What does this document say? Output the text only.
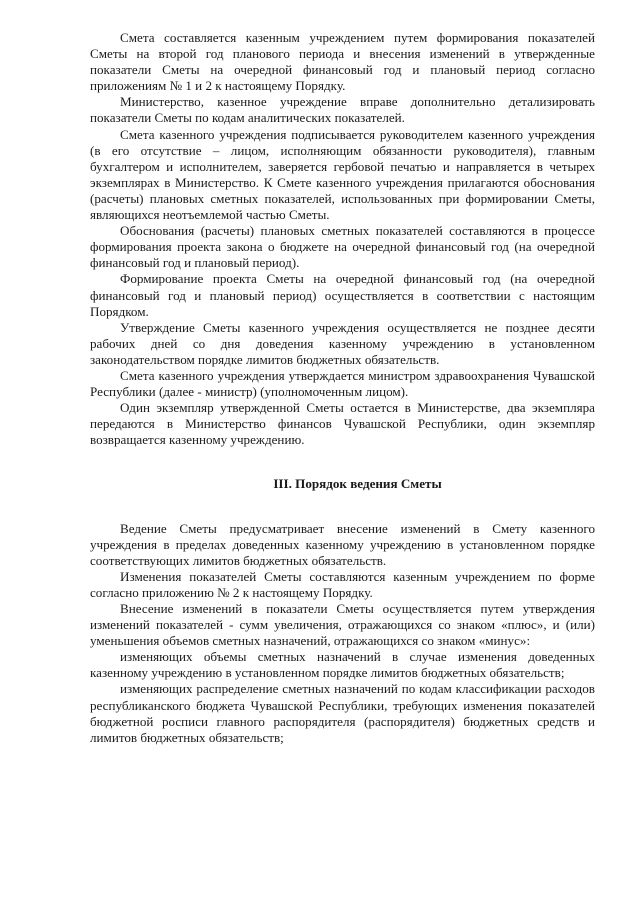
Смета составляется казенным учреждением путем формирования показателей Сметы на второй год планового периода и внесения изменений в утвержденные показатели Сметы на очередной финансовый год и плановый период согласно приложениям № 1 и 2 к настоящему Порядку.

Министерство, казенное учреждение вправе дополнительно детализировать показатели Сметы по кодам аналитических показателей.

Смета казенного учреждения подписывается руководителем казенного учреждения (в его отсутствие – лицом, исполняющим обязанности руководителя), главным бухгалтером и исполнителем, заверяется гербовой печатью и направляется в четырех экземплярах в Министерство. К Смете казенного учреждения прилагаются обоснования (расчеты) плановых сметных показателей, использованных при формировании Сметы, являющихся неотъемлемой частью Сметы.

Обоснования (расчеты) плановых сметных показателей составляются в процессе формирования проекта закона о бюджете на очередной финансовый год (на очередной финансовый год и плановый период).

Формирование проекта Сметы на очередной финансовый год (на очередной финансовый год и плановый период) осуществляется в соответствии с настоящим Порядком.

Утверждение Сметы казенного учреждения осуществляется не позднее десяти рабочих дней со дня доведения казенному учреждению в установленном законодательством порядке лимитов бюджетных обязательств.

Смета казенного учреждения утверждается министром здравоохранения Чувашской Республики (далее - министр) (уполномоченным лицом).

Один экземпляр утвержденной Сметы остается в Министерстве, два экземпляра передаются в Министерство финансов Чувашской Республики, один экземпляр возвращается казенному учреждению.

III. Порядок ведения Сметы

Ведение Сметы предусматривает внесение изменений в Смету казенного учреждения в пределах доведенных казенному учреждению в установленном порядке соответствующих лимитов бюджетных обязательств.

Изменения показателей Сметы составляются казенным учреждением по форме согласно приложению № 2 к настоящему Порядку.

Внесение изменений в показатели Сметы осуществляется путем утверждения изменений показателей - сумм увеличения, отражающихся со знаком «плюс», и (или) уменьшения объемов сметных назначений, отражающихся со знаком «минус»:

изменяющих объемы сметных назначений в случае изменения доведенных казенному учреждению в установленном порядке лимитов бюджетных обязательств;

изменяющих распределение сметных назначений по кодам классификации расходов республиканского бюджета Чувашской Республики, требующих изменения показателей бюджетной росписи главного распорядителя (распорядителя) бюджетных средств и лимитов бюджетных обязательств;
